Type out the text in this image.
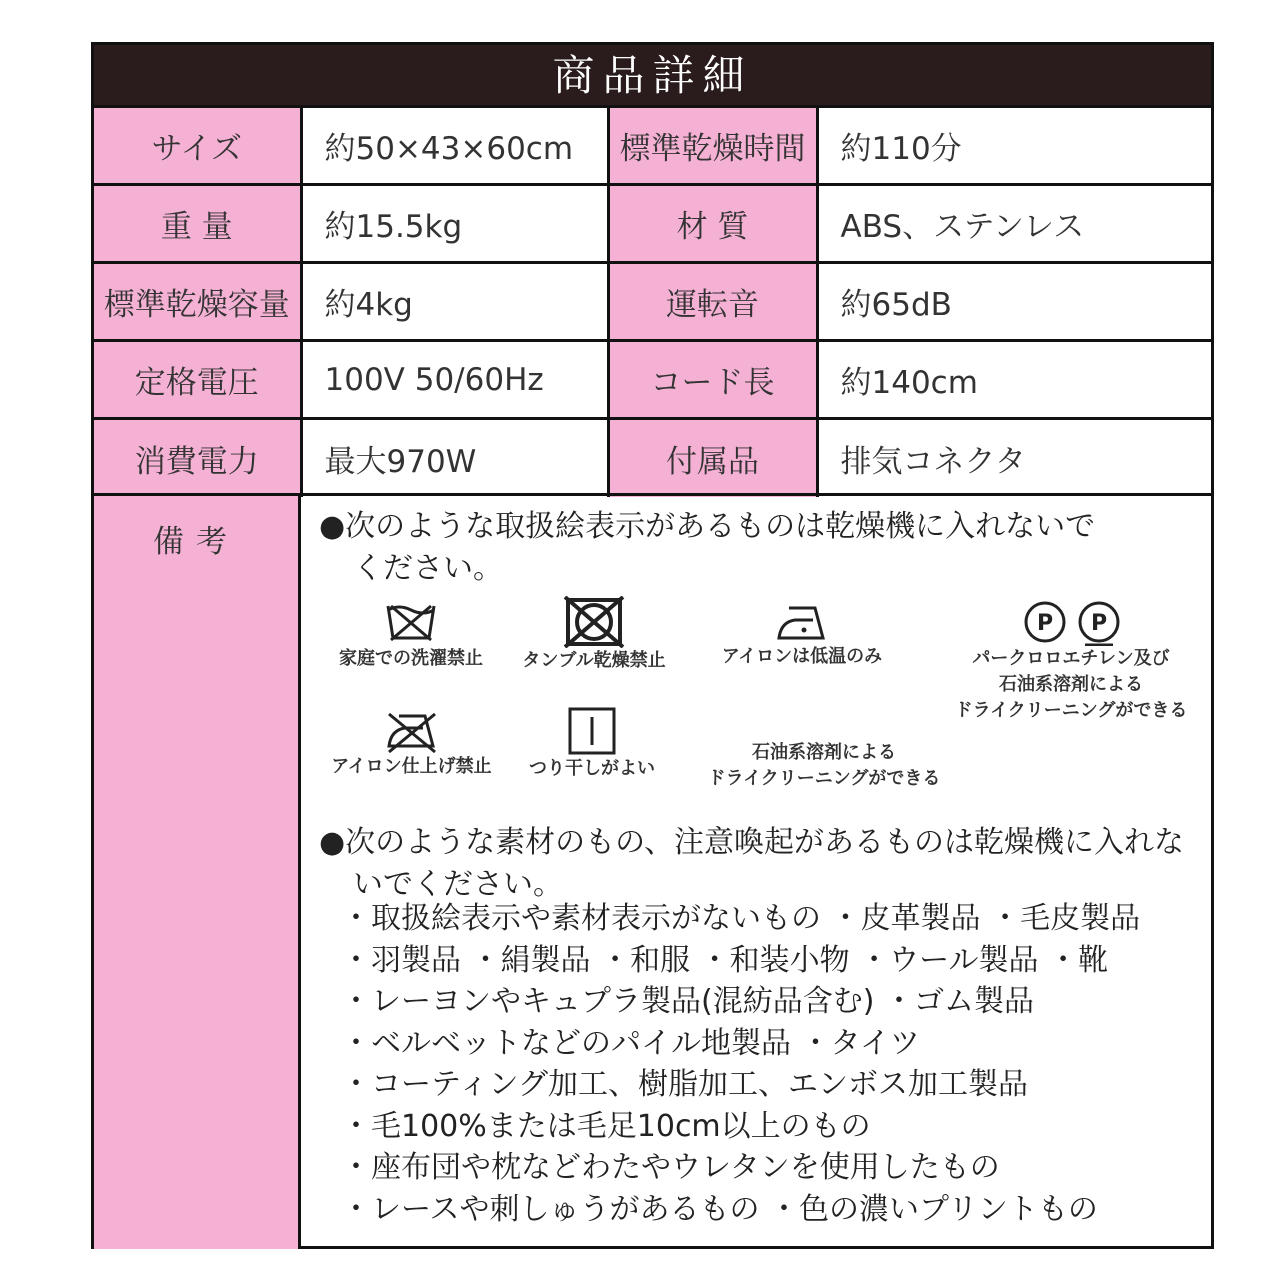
商品詳細
サイズ	約50×43×60cm	標準乾燥時間	約110分
重 量	約15.5kg	材 質	ABS、ステンレス
標準乾燥容量	約4kg	運転音	約65dB
定格電圧	100V 50/60Hz	コード長	約140cm
消費電力	最大970W	付属品	排気コネクタ
備考	●次のような取扱絵表示があるものは乾燥機に入れないで
ください。
家庭での洗濯禁止	タンブル乾燥禁止	アイロンは低温のみ
P P
パークロロエチレン及び
石油系溶剤による
ドライクリーニングができる
アイロン仕上げ禁止	つり干しがよい
石油系溶剤による
ドライクリーニングができる
●次のような素材のもの、注意喚起があるものは乾燥機に入れな
いでください。
・取扱絵表示や素材表示がないもの ・皮革製品 ・毛皮製品
・羽製品 ・絹製品 ・和服 ・和装小物 ・ウール製品 ・靴
・レーヨンやキュプラ製品(混紡品含む) ・ゴム製品
・ベルベットなどのパイル地製品 ・タイツ
・コーティング加工、樹脂加工、エンボス加工製品
・毛100%または毛足10cm以上のもの
・座布団や枕などわたやウレタンを使用したもの
・レースや刺しゅうがあるもの ・色の濃いプリントもの
